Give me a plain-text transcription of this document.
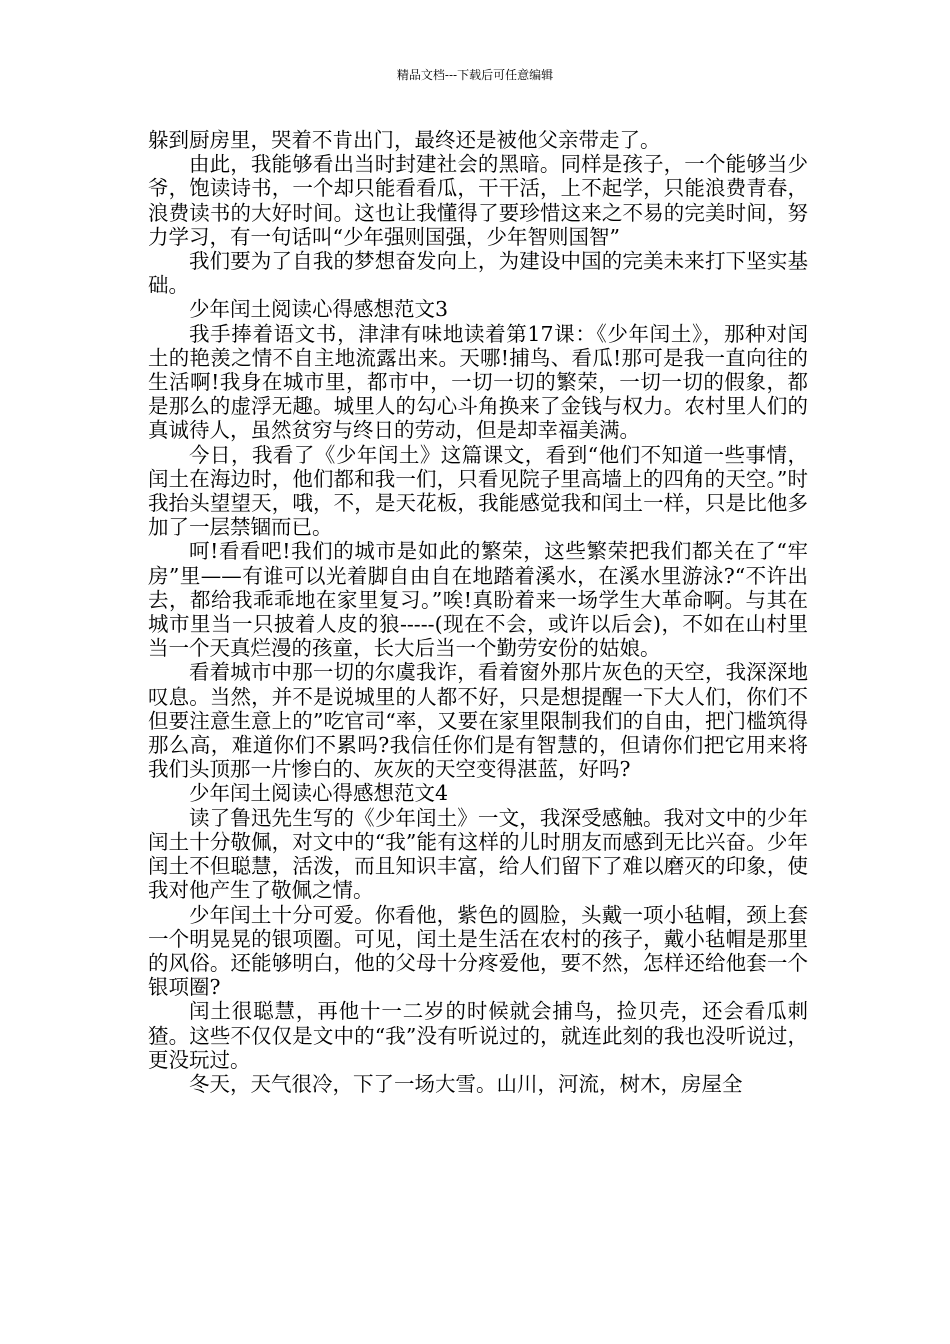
精品文档---下载后可任意编辑

躲到厨房里，哭着不肯出门，最终还是被他父亲带走了。

由此，我能够看出当时封建社会的黑暗。同样是孩子，一个能够当少爷，饱读诗书，一个却只能看看瓜，干干活，上不起学，只能浪费青春，浪费读书的大好时间。这也让我懂得了要珍惜这来之不易的完美时间，努力学习，有一句话叫“少年强则国强，少年智则国智”

我们要为了自我的梦想奋发向上，为建设中国的完美未来打下坚实基础。

少年闰土阅读心得感想范文3

我手捧着语文书，津津有味地读着第17课：《少年闰土》，那种对闰土的艳羡之情不自主地流露出来。天哪!捕鸟、看瓜!那可是我一直向往的生活啊!我身在城市里，都市中，一切一切的繁荣，一切一切的假象，都是那么的虚浮无趣。城里人的勾心斗角换来了金钱与权力。农村里人们的真诚待人，虽然贫穷与终日的劳动，但是却幸福美满。

今日，我看了《少年闰土》这篇课文，看到“他们不知道一些事情，闰土在海边时，他们都和我一们，只看见院子里高墙上的四角的天空。”时我抬头望望天，哦，不，是天花板，我能感觉我和闰土一样，只是比他多加了一层禁锢而已。

呵!看看吧!我们的城市是如此的繁荣，这些繁荣把我们都关在了“牢房”里——有谁可以光着脚自由自在地踏着溪水，在溪水里游泳?“不许出去，都给我乖乖地在家里复习。”唉!真盼着来一场学生大革命啊。与其在城市里当一只披着人皮的狼-----(现在不会，或许以后会)，不如在山村里当一个天真烂漫的孩童，长大后当一个勤劳安份的姑娘。

看着城市中那一切的尔虞我诈，看着窗外那片灰色的天空，我深深地叹息。当然，并不是说城里的人都不好，只是想提醒一下大人们，你们不但要注意生意上的”吃官司“率，又要在家里限制我们的自由，把门槛筑得那么高，难道你们不累吗?我信任你们是有智慧的，但请你们把它用来将我们头顶那一片惨白的、灰灰的天空变得湛蓝，好吗?

少年闰土阅读心得感想范文4

读了鲁迅先生写的《少年闰土》一文，我深受感触。我对文中的少年闰土十分敬佩，对文中的“我”能有这样的儿时朋友而感到无比兴奋。少年闰土不但聪慧，活泼，而且知识丰富，给人们留下了难以磨灭的印象，使我对他产生了敬佩之情。

少年闰土十分可爱。你看他，紫色的圆脸，头戴一项小毡帽，颈上套一个明晃晃的银项圈。可见，闰土是生活在农村的孩子，戴小毡帽是那里的风俗。还能够明白，他的父母十分疼爱他，要不然，怎样还给他套一个银项圈?

闰土很聪慧，再他十一二岁的时候就会捕鸟，捡贝壳，还会看瓜刺猹。这些不仅仅是文中的“我”没有听说过的，就连此刻的我也没听说过，更没玩过。

冬天，天气很冷，下了一场大雪。山川，河流，树木，房屋全
